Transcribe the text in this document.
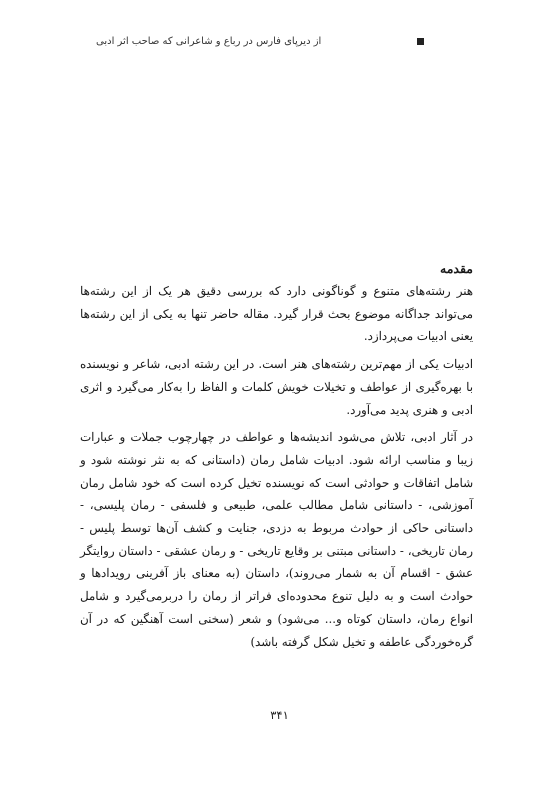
از دیرپای فارس در رباع و شاعرانی که صاحب اثر ادبی
مقدمه

هنر رشته‌های متنوع و گوناگونی دارد که بررسی دقیق هر یک از این رشته‌ها می‌تواند جداگانه موضوع بحث قرار گیرد. مقاله حاضر تنها به یکی از این رشته‌ها یعنی ادبیات می‌پردازد.

ادبیات یکی از مهم‌ترین رشته‌های هنر است. در این رشته ادبی، شاعر و نویسنده با بهره‌گیری از عواطف و تخیلات خویش کلمات و الفاظ را به‌کار می‌گیرد و اثری ادبی و هنری پدید می‌آورد.

در آثار ادبی، تلاش می‌شود اندیشه‌ها و عواطف در چهارچوب جملات و عبارات زیبا و مناسب ارائه شود. ادبیات شامل رمان (داستانی که به نثر نوشته شود و شامل اتفاقات و حوادثی است که نویسنده تخیل کرده است که خود شامل رمان آموزشی، - داستانی شامل مطالب علمی، طبیعی و فلسفی - رمان پلیسی، - داستانی حاکی از حوادث مربوط به دزدی، جنایت و کشف آن‌ها توسط پلیس - رمان تاریخی، - داستانی مبتنی بر وقایع تاریخی - و رمان عشقی - داستان روایتگر عشق - اقسام آن به شمار می‌روند)، داستان (به معنای باز آفرینی رویدادها و حوادث است و به دلیل تنوع محدوده‌ای فراتر از رمان را دربرمی‌گیرد و شامل انواع رمان، داستان کوتاه و... می‌شود) و شعر (سخنی است آهنگین که در آن گره‌خوردگی عاطفه و تخیل شکل گرفته باشد)

۳۴۱
